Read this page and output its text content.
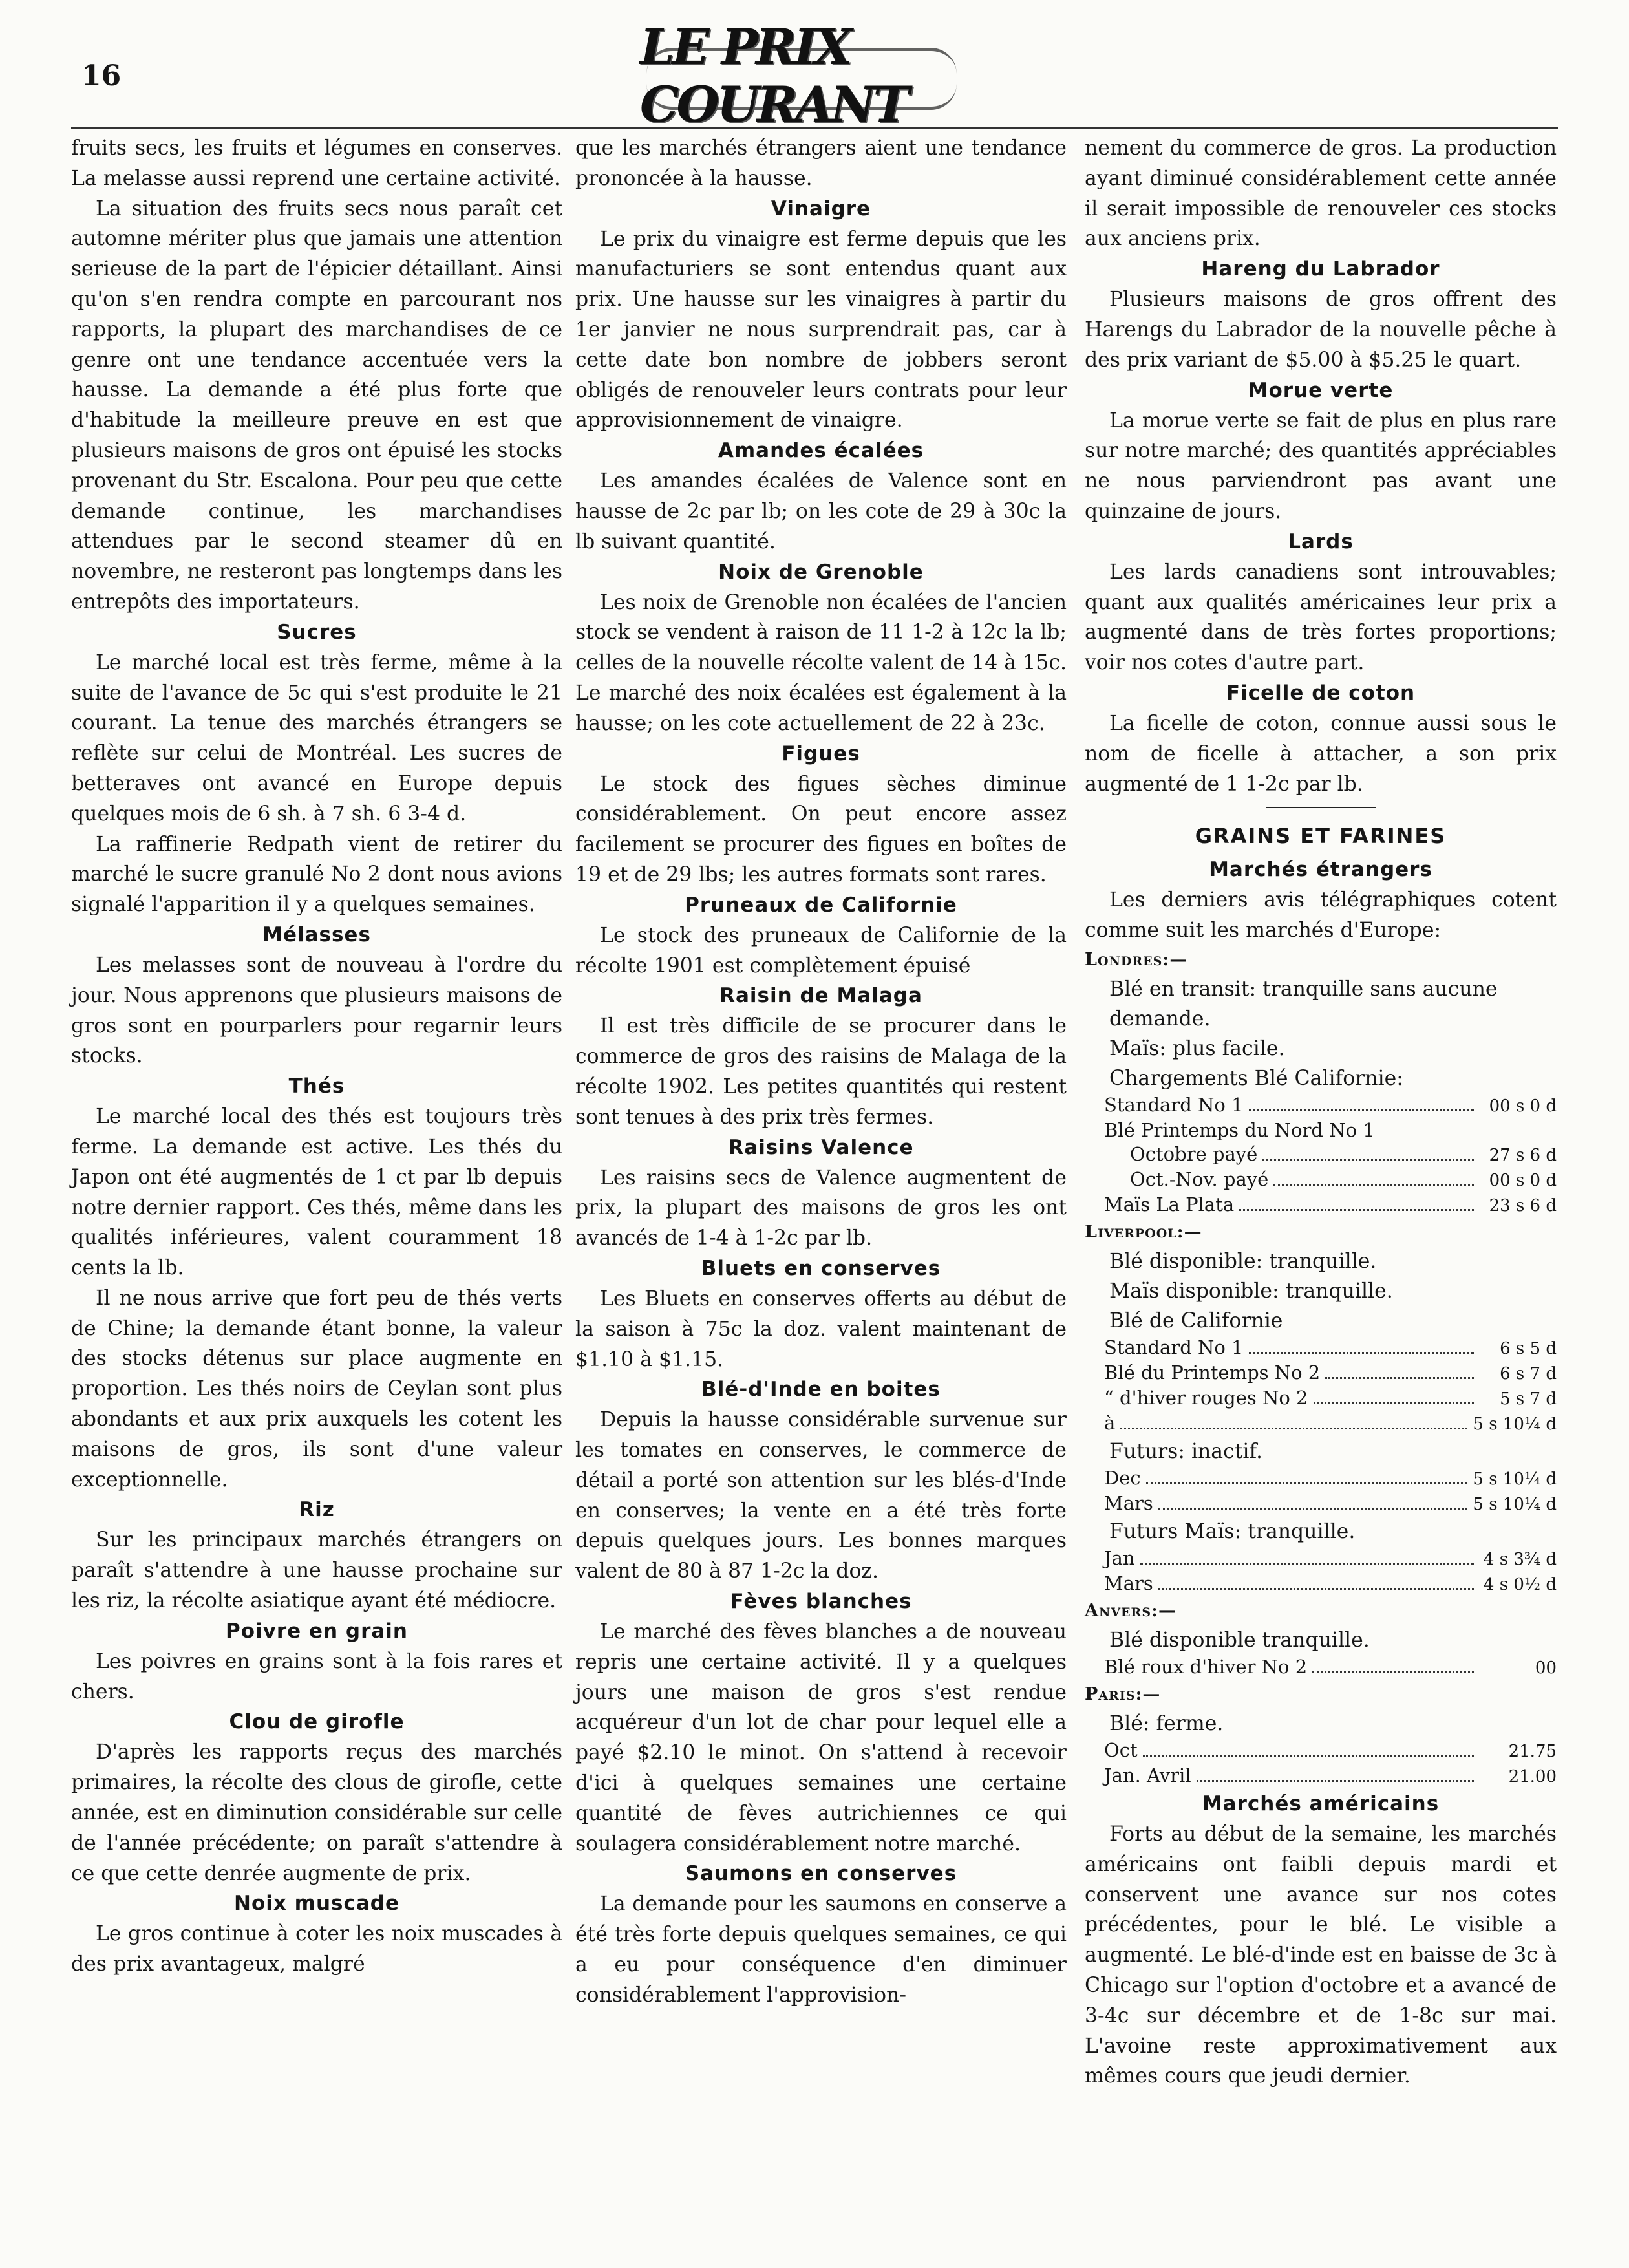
16
LE PRIX COURANT

fruits secs, les fruits et légumes en conserves. La melasse aussi reprend une certaine activité.

La situation des fruits secs nous paraît cet automne mériter plus que jamais une attention serieuse de la part de l'épicier détaillant. Ainsi qu'on s'en rendra compte en parcourant nos rapports, la plupart des marchandises de ce genre ont une tendance accentuée vers la hausse. La demande a été plus forte que d'habitude la meilleure preuve en est que plusieurs maisons de gros ont épuisé les stocks provenant du Str. Escalona. Pour peu que cette demande continue, les marchandises attendues par le second steamer dû en novembre, ne resteront pas longtemps dans les entrepôts des importateurs.

Sucres

Le marché local est très ferme, même à la suite de l'avance de 5c qui s'est produite le 21 courant. La tenue des marchés étrangers se reflète sur celui de Montréal. Les sucres de betteraves ont avancé en Europe depuis quelques mois de 6 sh. à 7 sh. 6 3-4 d.

La raffinerie Redpath vient de retirer du marché le sucre granulé No 2 dont nous avions signalé l'apparition il y a quelques semaines.

Mélasses

Les melasses sont de nouveau à l'ordre du jour. Nous apprenons que plusieurs maisons de gros sont en pourparlers pour regarnir leurs stocks.

Thés

Le marché local des thés est toujours très ferme. La demande est active. Les thés du Japon ont été augmentés de 1 ct par lb depuis notre dernier rapport. Ces thés, même dans les qualités inférieures, valent couramment 18 cents la lb.

Il ne nous arrive que fort peu de thés verts de Chine; la demande étant bonne, la valeur des stocks détenus sur place augmente en proportion. Les thés noirs de Ceylan sont plus abondants et aux prix auxquels les cotent les maisons de gros, ils sont d'une valeur exceptionnelle.

Riz

Sur les principaux marchés étrangers on paraît s'attendre à une hausse prochaine sur les riz, la récolte asiatique ayant été médiocre.

Poivre en grain

Les poivres en grains sont à la fois rares et chers.

Clou de girofle

D'après les rapports reçus des marchés primaires, la récolte des clous de girofle, cette année, est en diminution considérable sur celle de l'année précédente; on paraît s'attendre à ce que cette denrée augmente de prix.

Noix muscade

Le gros continue à coter les noix muscades à des prix avantageux, malgré

que les marchés étrangers aient une tendance prononcée à la hausse.

Vinaigre

Le prix du vinaigre est ferme depuis que les manufacturiers se sont entendus quant aux prix. Une hausse sur les vinaigres à partir du 1er janvier ne nous surprendrait pas, car à cette date bon nombre de jobbers seront obligés de renouveler leurs contrats pour leur approvisionnement de vinaigre.

Amandes écalées

Les amandes écalées de Valence sont en hausse de 2c par lb; on les cote de 29 à 30c la lb suivant quantité.

Noix de Grenoble

Les noix de Grenoble non écalées de l'ancien stock se vendent à raison de 11 1-2 à 12c la lb; celles de la nouvelle récolte valent de 14 à 15c. Le marché des noix écalées est également à la hausse; on les cote actuellement de 22 à 23c.

Figues

Le stock des figues sèches diminue considérablement. On peut encore assez facilement se procurer des figues en boîtes de 19 et de 29 lbs; les autres formats sont rares.

Pruneaux de Californie

Le stock des pruneaux de Californie de la récolte 1901 est complètement épuisé

Raisin de Malaga

Il est très difficile de se procurer dans le commerce de gros des raisins de Malaga de la récolte 1902. Les petites quantités qui restent sont tenues à des prix très fermes.

Raisins Valence

Les raisins secs de Valence augmentent de prix, la plupart des maisons de gros les ont avancés de 1-4 à 1-2c par lb.

Bluets en conserves

Les Bluets en conserves offerts au début de la saison à 75c la doz. valent maintenant de $1.10 à $1.15.

Blé-d'Inde en boites

Depuis la hausse considérable survenue sur les tomates en conserves, le commerce de détail a porté son attention sur les blés-d'Inde en conserves; la vente en a été très forte depuis quelques jours. Les bonnes marques valent de 80 à 87 1-2c la doz.

Fèves blanches

Le marché des fèves blanches a de nouveau repris une certaine activité. Il y a quelques jours une maison de gros s'est rendue acquéreur d'un lot de char pour lequel elle a payé $2.10 le minot. On s'attend à recevoir d'ici à quelques semaines une certaine quantité de fèves autrichiennes ce qui soulagera considérablement notre marché.

Saumons en conserves

La demande pour les saumons en conserve a été très forte depuis quelques semaines, ce qui a eu pour conséquence d'en diminuer considérablement l'approvision-

nement du commerce de gros. La production ayant diminué considérablement cette année il serait impossible de renouveler ces stocks aux anciens prix.

Hareng du Labrador

Plusieurs maisons de gros offrent des Harengs du Labrador de la nouvelle pêche à des prix variant de $5.00 à $5.25 le quart.

Morue verte

La morue verte se fait de plus en plus rare sur notre marché; des quantités appréciables ne nous parviendront pas avant une quinzaine de jours.

Lards

Les lards canadiens sont introuvables; quant aux qualités américaines leur prix a augmenté dans de très fortes proportions; voir nos cotes d'autre part.

Ficelle de coton

La ficelle de coton, connue aussi sous le nom de ficelle à attacher, a son prix augmenté de 1 1-2c par lb.

GRAINS ET FARINES
Marchés étrangers

Les derniers avis télégraphiques cotent comme suit les marchés d'Europe:

Londres:—
Blé en transit: tranquille sans aucune demande.
Maïs: plus facile.
Chargements Blé Californie:
Standard No 1	00 s 0 d
Blé Printemps du Nord No 1
Octobre payé	27 s 6 d
Oct.-Nov. payé	00 s 0 d
Maïs La Plata	23 s 6 d
Liverpool:—
Blé disponible: tranquille.
Maïs disponible: tranquille.
Blé de Californie
Standard No 1	6 s 5 d
Blé du Printemps No 2	6 s 7 d
“ d'hiver rouges No 2	5 s 7 d
à	5 s 10¼ d
Futurs: inactif.
Dec	5 s 10¼ d
Mars	5 s 10¼ d
Futurs Maïs: tranquille.
Jan	4 s 3¾ d
Mars	4 s 0½ d
Anvers:—
Blé disponible tranquille.
Blé roux d'hiver No 2	00
Paris:—
Blé: ferme.
Oct	21.75
Jan. Avril	21.00
Marchés américains

Forts au début de la semaine, les marchés américains ont faibli depuis mardi et conservent une avance sur nos cotes précédentes, pour le blé. Le visible a augmenté. Le blé-d'inde est en baisse de 3c à Chicago sur l'option d'octobre et a avancé de 3-4c sur décembre et de 1-8c sur mai. L'avoine reste approximativement aux mêmes cours que jeudi dernier.
